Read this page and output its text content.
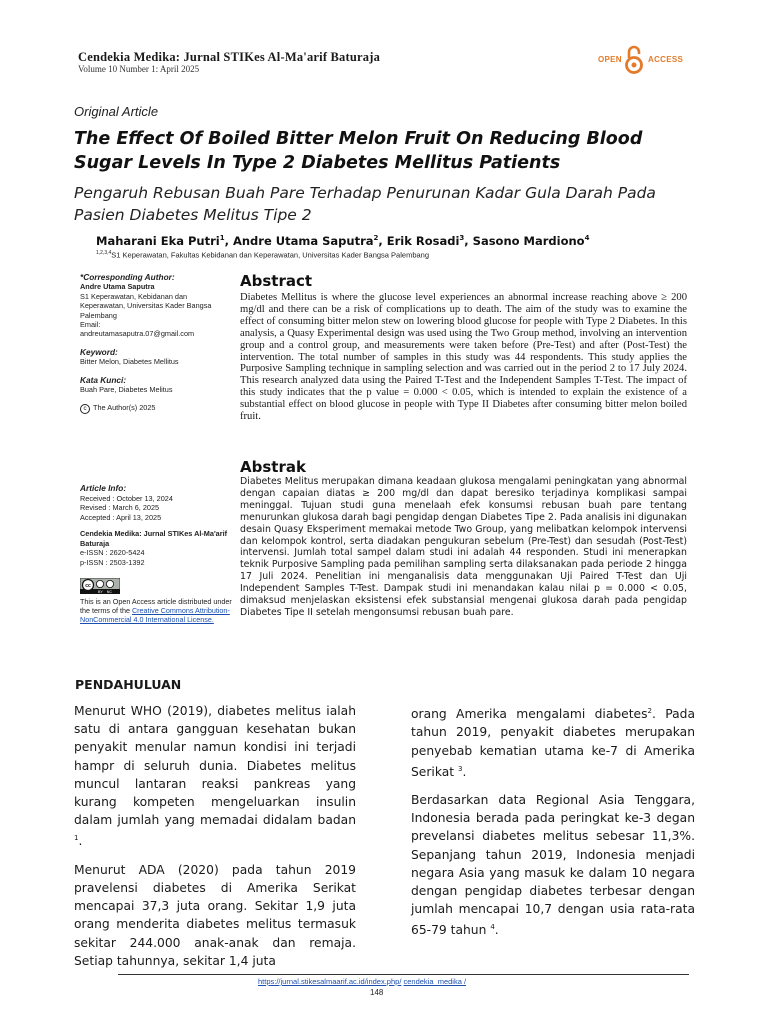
Cendekia Medika: Jurnal STIKes Al-Ma'arif Baturaja
Volume 10 Number 1: April 2025
OPEN	ACCESS
Original Article
The Effect Of Boiled Bitter Melon Fruit On Reducing Blood Sugar Levels In Type 2 Diabetes Mellitus Patients
Pengaruh Rebusan Buah Pare Terhadap Penurunan Kadar Gula Darah Pada Pasien Diabetes Melitus Tipe 2
Maharani Eka Putri$^1$, Andre Utama Saputra$^2$, Erik Rosadi$^3$, Sasono Mardiono$^4$
$^{1,2,3,4}$S1 Keperawatan, Fakultas Kebidanan dan Keperawatan, Universitas Kader Bangsa Palembang
*Corresponding Author:
Andre Utama Saputra
S1 Keperawatan, Kebidanan dan Keperawatan, Universitas Kader Bangsa Palembang
Email:
andreutamasaputra.07@gmail.com
Keyword:
Bitter Melon, Diabetes Mellitus
Kata Kunci:
Buah Pare, Diabetes Melitus
c The Author(s) 2025
Article Info:
Received : October 13, 2024
Revised : March 6, 2025
Accepted : April 13, 2025
Cendekia Medika: Jurnal STIKes Al-Ma'arif Baturaja
e-ISSN : 2620-5424
p-ISSN : 2503-1392
cc
BY    NC
This is an Open Access article distributed under the terms of the Creative Commons Attribution-NonCommercial 4.0 International License.
Abstract
Diabetes Mellitus is where the glucose level experiences an abnormal increase reaching above ≥ 200 mg/dl and there can be a risk of complications up to death. The aim of the study was to examine the effect of consuming bitter melon stew on lowering blood glucose for people with Type 2 Diabetes. In this analysis, a Quasy Experimental design was used using the Two Group method, involving an intervention group and a control group, and measurements were taken before (Pre-Test) and after (Post-Test) the intervention. The total number of samples in this study was 44 respondents. This study applies the Purposive Sampling technique in sampling selection and was carried out in the period 2 to 17 July 2024. This research analyzed data using the Paired T-Test and the Independent Samples T-Test. The impact of this study indicates that the p value = 0.000 < 0.05, which is intended to explain the existence of a substantial effect on blood glucose in people with Type II Diabetes after consuming bitter melon boiled fruit.
Abstrak
Diabetes Melitus merupakan dimana keadaan glukosa mengalami peningkatan yang abnormal dengan capaian diatas ≥ 200 mg/dl dan dapat beresiko terjadinya komplikasi sampai meninggal. Tujuan studi guna menelaah efek konsumsi rebusan buah pare tentang menurunkan glukosa darah bagi pengidap dengan Diabetes Tipe 2. Pada analisis ini digunakan desain Quasy Eksperiment memakai metode Two Group, yang melibatkan kelompok intervensi dan kelompok kontrol, serta diadakan pengukuran sebelum (Pre-Test) dan sesudah (Post-Test) intervensi. Jumlah total sampel dalam studi ini adalah 44 responden. Studi ini menerapkan teknik Purposive Sampling pada pemilihan sampling serta dilaksanakan pada periode 2 hingga 17 Juli 2024. Penelitian ini menganalisis data menggunakan Uji Paired T-Test dan Uji Independent Samples T-Test. Dampak studi ini menandakan kalau nilai p = 0.000 < 0.05, dimaksud menjelaskan eksistensi efek substansial mengenai glukosa darah pada pengidap Diabetes Tipe II setelah mengonsumsi rebusan buah pare.
PENDAHULUAN

Menurut WHO (2019), diabetes melitus ialah satu di antara gangguan kesehatan bukan penyakit menular namun kondisi ini terjadi hampr di seluruh dunia. Diabetes melitus muncul lantaran reaksi pankreas yang kurang kompeten mengeluarkan insulin dalam jumlah yang memadai didalam badan $^1$.

Menurut ADA (2020) pada tahun 2019 pravelensi diabetes di Amerika Serikat mencapai 37,3 juta orang. Sekitar 1,9 juta orang menderita diabetes melitus termasuk sekitar 244.000 anak-anak dan remaja. Setiap tahunnya, sekitar 1,4 juta

orang Amerika mengalami diabetes$^2$. Pada tahun 2019, penyakit diabetes merupakan penyebab kematian utama ke-7 di Amerika Serikat $^3$.

Berdasarkan data Regional Asia Tenggara, Indonesia berada pada peringkat ke-3 degan prevelansi diabetes melitus sebesar 11,3%. Sepanjang tahun 2019, Indonesia menjadi negara Asia yang masuk ke dalam 10 negara dengan pengidap diabetes terbesar dengan jumlah mencapai 10,7 dengan usia rata-rata 65-79 tahun $^4$.

https://jurnal.stikesalmaarif.ac.id/index.php/ cendekia_medika /
148
